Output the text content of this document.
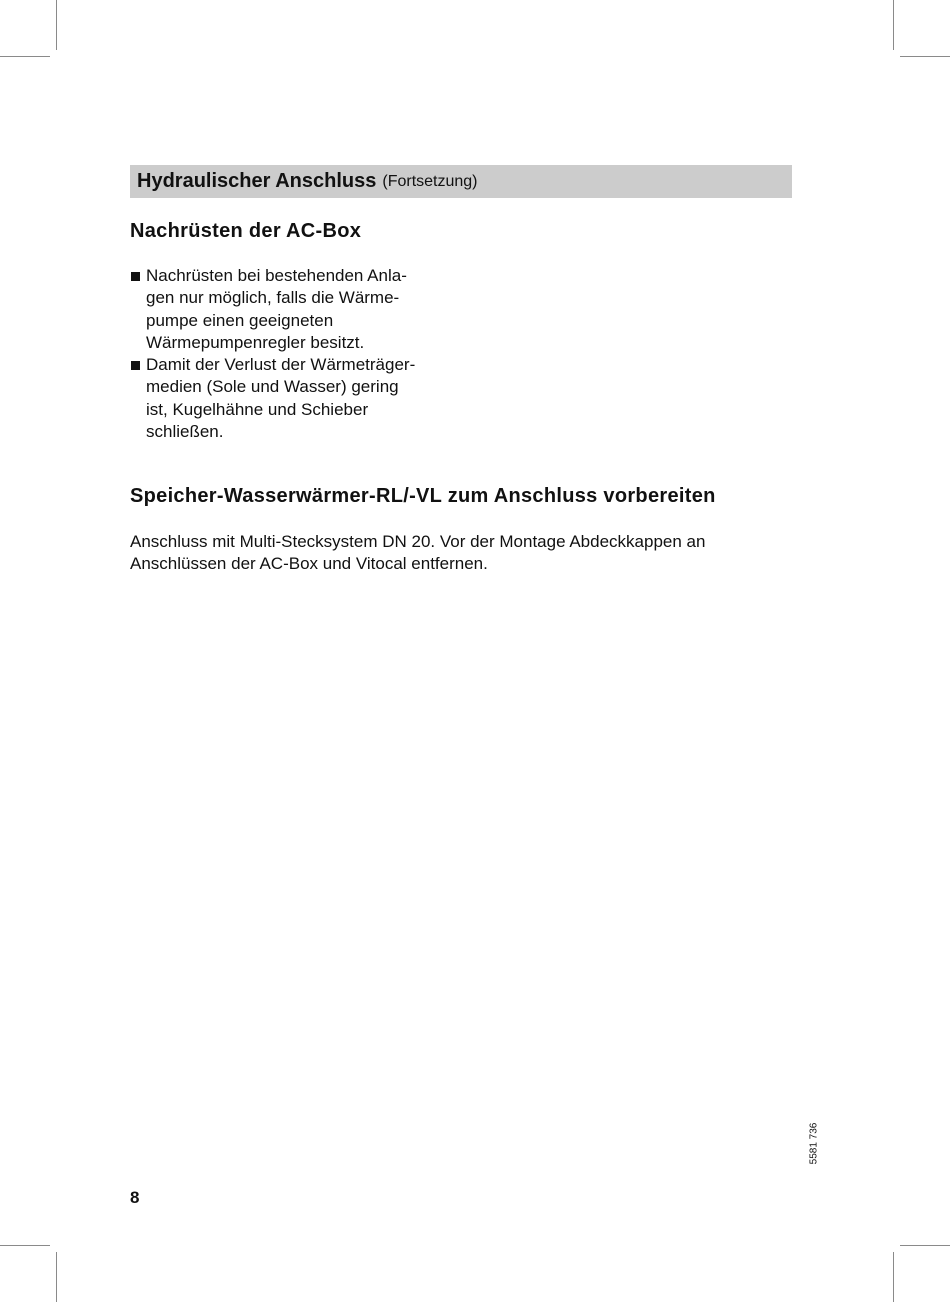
Hydraulischer Anschluss (Fortsetzung)
Nachrüsten der AC-Box
Nachrüsten bei bestehenden Anla-
gen nur möglich, falls die Wärme-
pumpe einen geeigneten
Wärmepumpenregler besitzt.
Damit der Verlust der Wärmeträger-
medien (Sole und Wasser) gering
ist, Kugelhähne und Schieber
schließen.
Speicher-Wasserwärmer-RL/-VL zum Anschluss vorbereiten
Anschluss mit Multi-Stecksystem DN 20. Vor der Montage Abdeckkappen an
Anschlüssen der AC-Box und Vitocal entfernen.
5581 736
8
